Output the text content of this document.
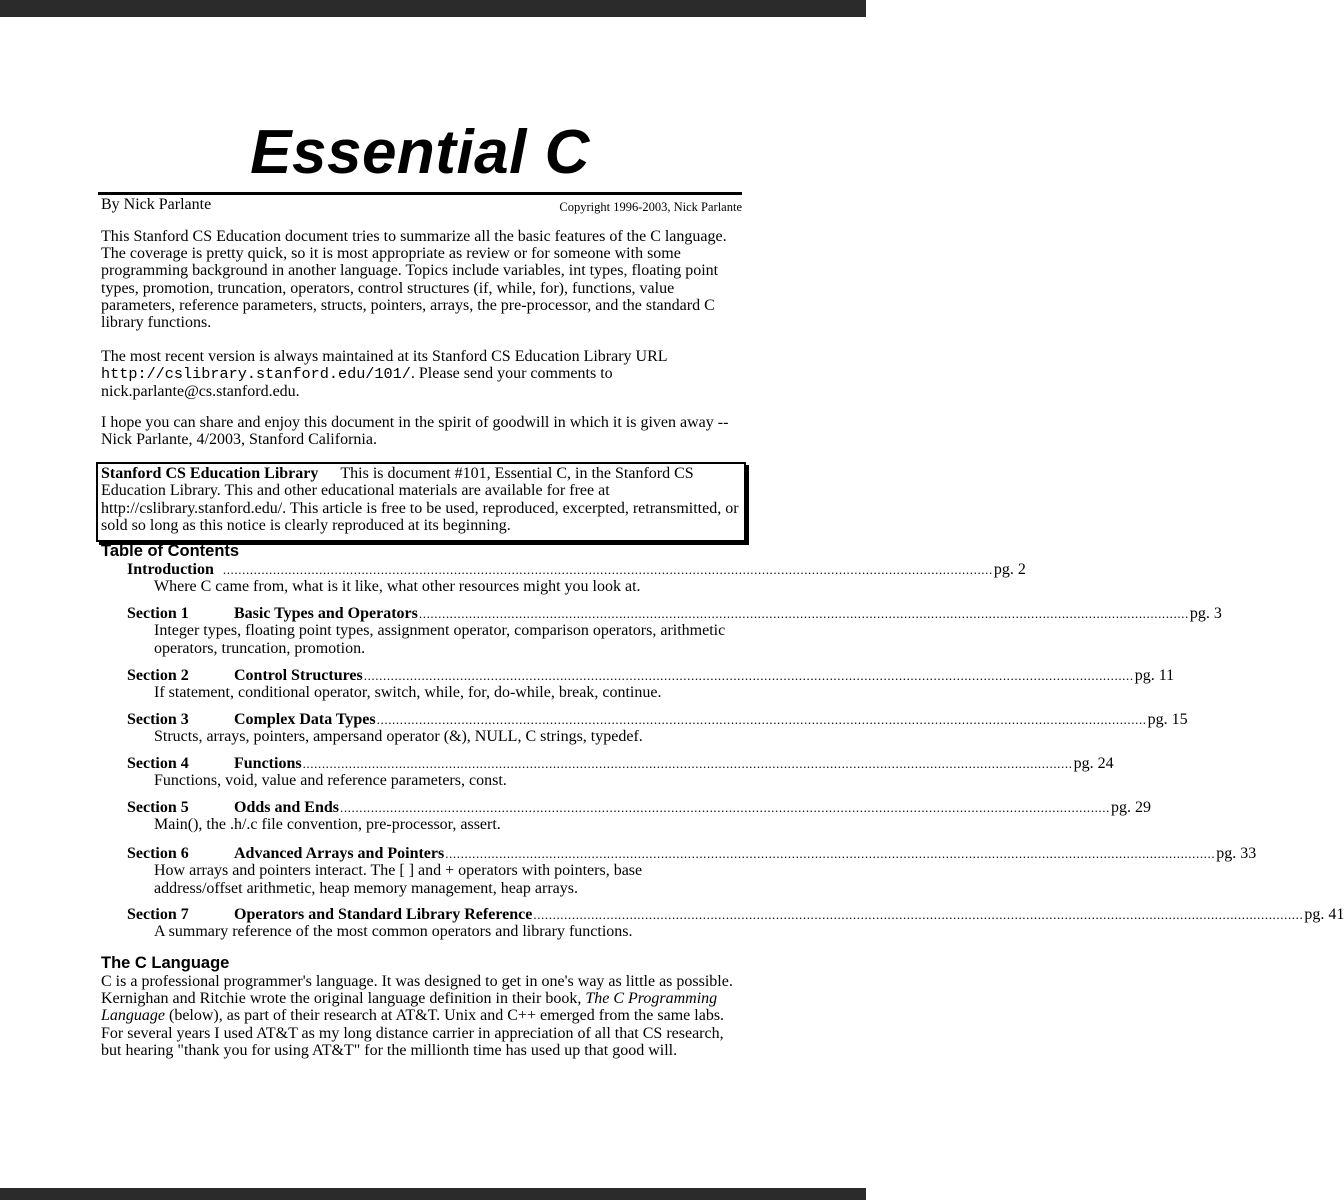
Essential C
By Nick Parlante	Copyright 1996-2003, Nick Parlante

This Stanford CS Education document tries to summarize all the basic features of the C language. The coverage is pretty quick, so it is most appropriate as review or for someone with some programming background in another language. Topics include variables, int types, floating point types, promotion, truncation, operators, control structures (if, while, for), functions, value parameters, reference parameters, structs, pointers, arrays, the pre-processor, and the standard C library functions.

The most recent version is always maintained at its Stanford CS Education Library URL http://cslibrary.stanford.edu/101/. Please send your comments to nick.parlante@cs.stanford.edu.

I hope you can share and enjoy this document in the spirit of goodwill in which it is given away -- Nick Parlante, 4/2003, Stanford California.

Stanford CS Education Library This is document #101, Essential C, in the Stanford CS Education Library. This and other educational materials are available for free at http://cslibrary.stanford.edu/. This article is free to be used, reproduced, excerpted, retransmitted, or sold so long as this notice is clearly reproduced at its beginning.
Table of Contents
Introduction ........................................................................................................................................................................................................ pg. 2
Where C came from, what is it like, what other resources might you look at.
Section 1	Basic Types and Operators ........................................................................................................................................................................................................ pg. 3
Integer types, floating point types, assignment operator, comparison operators, arithmetic operators, truncation, promotion.
Section 2	Control Structures ........................................................................................................................................................................................................ pg. 11
If statement, conditional operator, switch, while, for, do-while, break, continue.
Section 3	Complex Data Types ........................................................................................................................................................................................................ pg. 15
Structs, arrays, pointers, ampersand operator (&), NULL, C strings, typedef.
Section 4	Functions ........................................................................................................................................................................................................ pg. 24
Functions, void, value and reference parameters, const.
Section 5	Odds and Ends ........................................................................................................................................................................................................ pg. 29
Main(), the .h/.c file convention, pre-processor, assert.
Section 6	Advanced Arrays and Pointers ........................................................................................................................................................................................................ pg. 33
How arrays and pointers interact. The [ ] and + operators with pointers, base address/offset arithmetic, heap memory management, heap arrays.
Section 7	Operators and Standard Library Reference ........................................................................................................................................................................................................ pg. 41
A summary reference of the most common operators and library functions.
The C Language

C is a professional programmer's language. It was designed to get in one's way as little as possible. Kernighan and Ritchie wrote the original language definition in their book, The C Programming Language (below), as part of their research at AT&T. Unix and C++ emerged from the same labs. For several years I used AT&T as my long distance carrier in appreciation of all that CS research, but hearing "thank you for using AT&T" for the millionth time has used up that good will.
